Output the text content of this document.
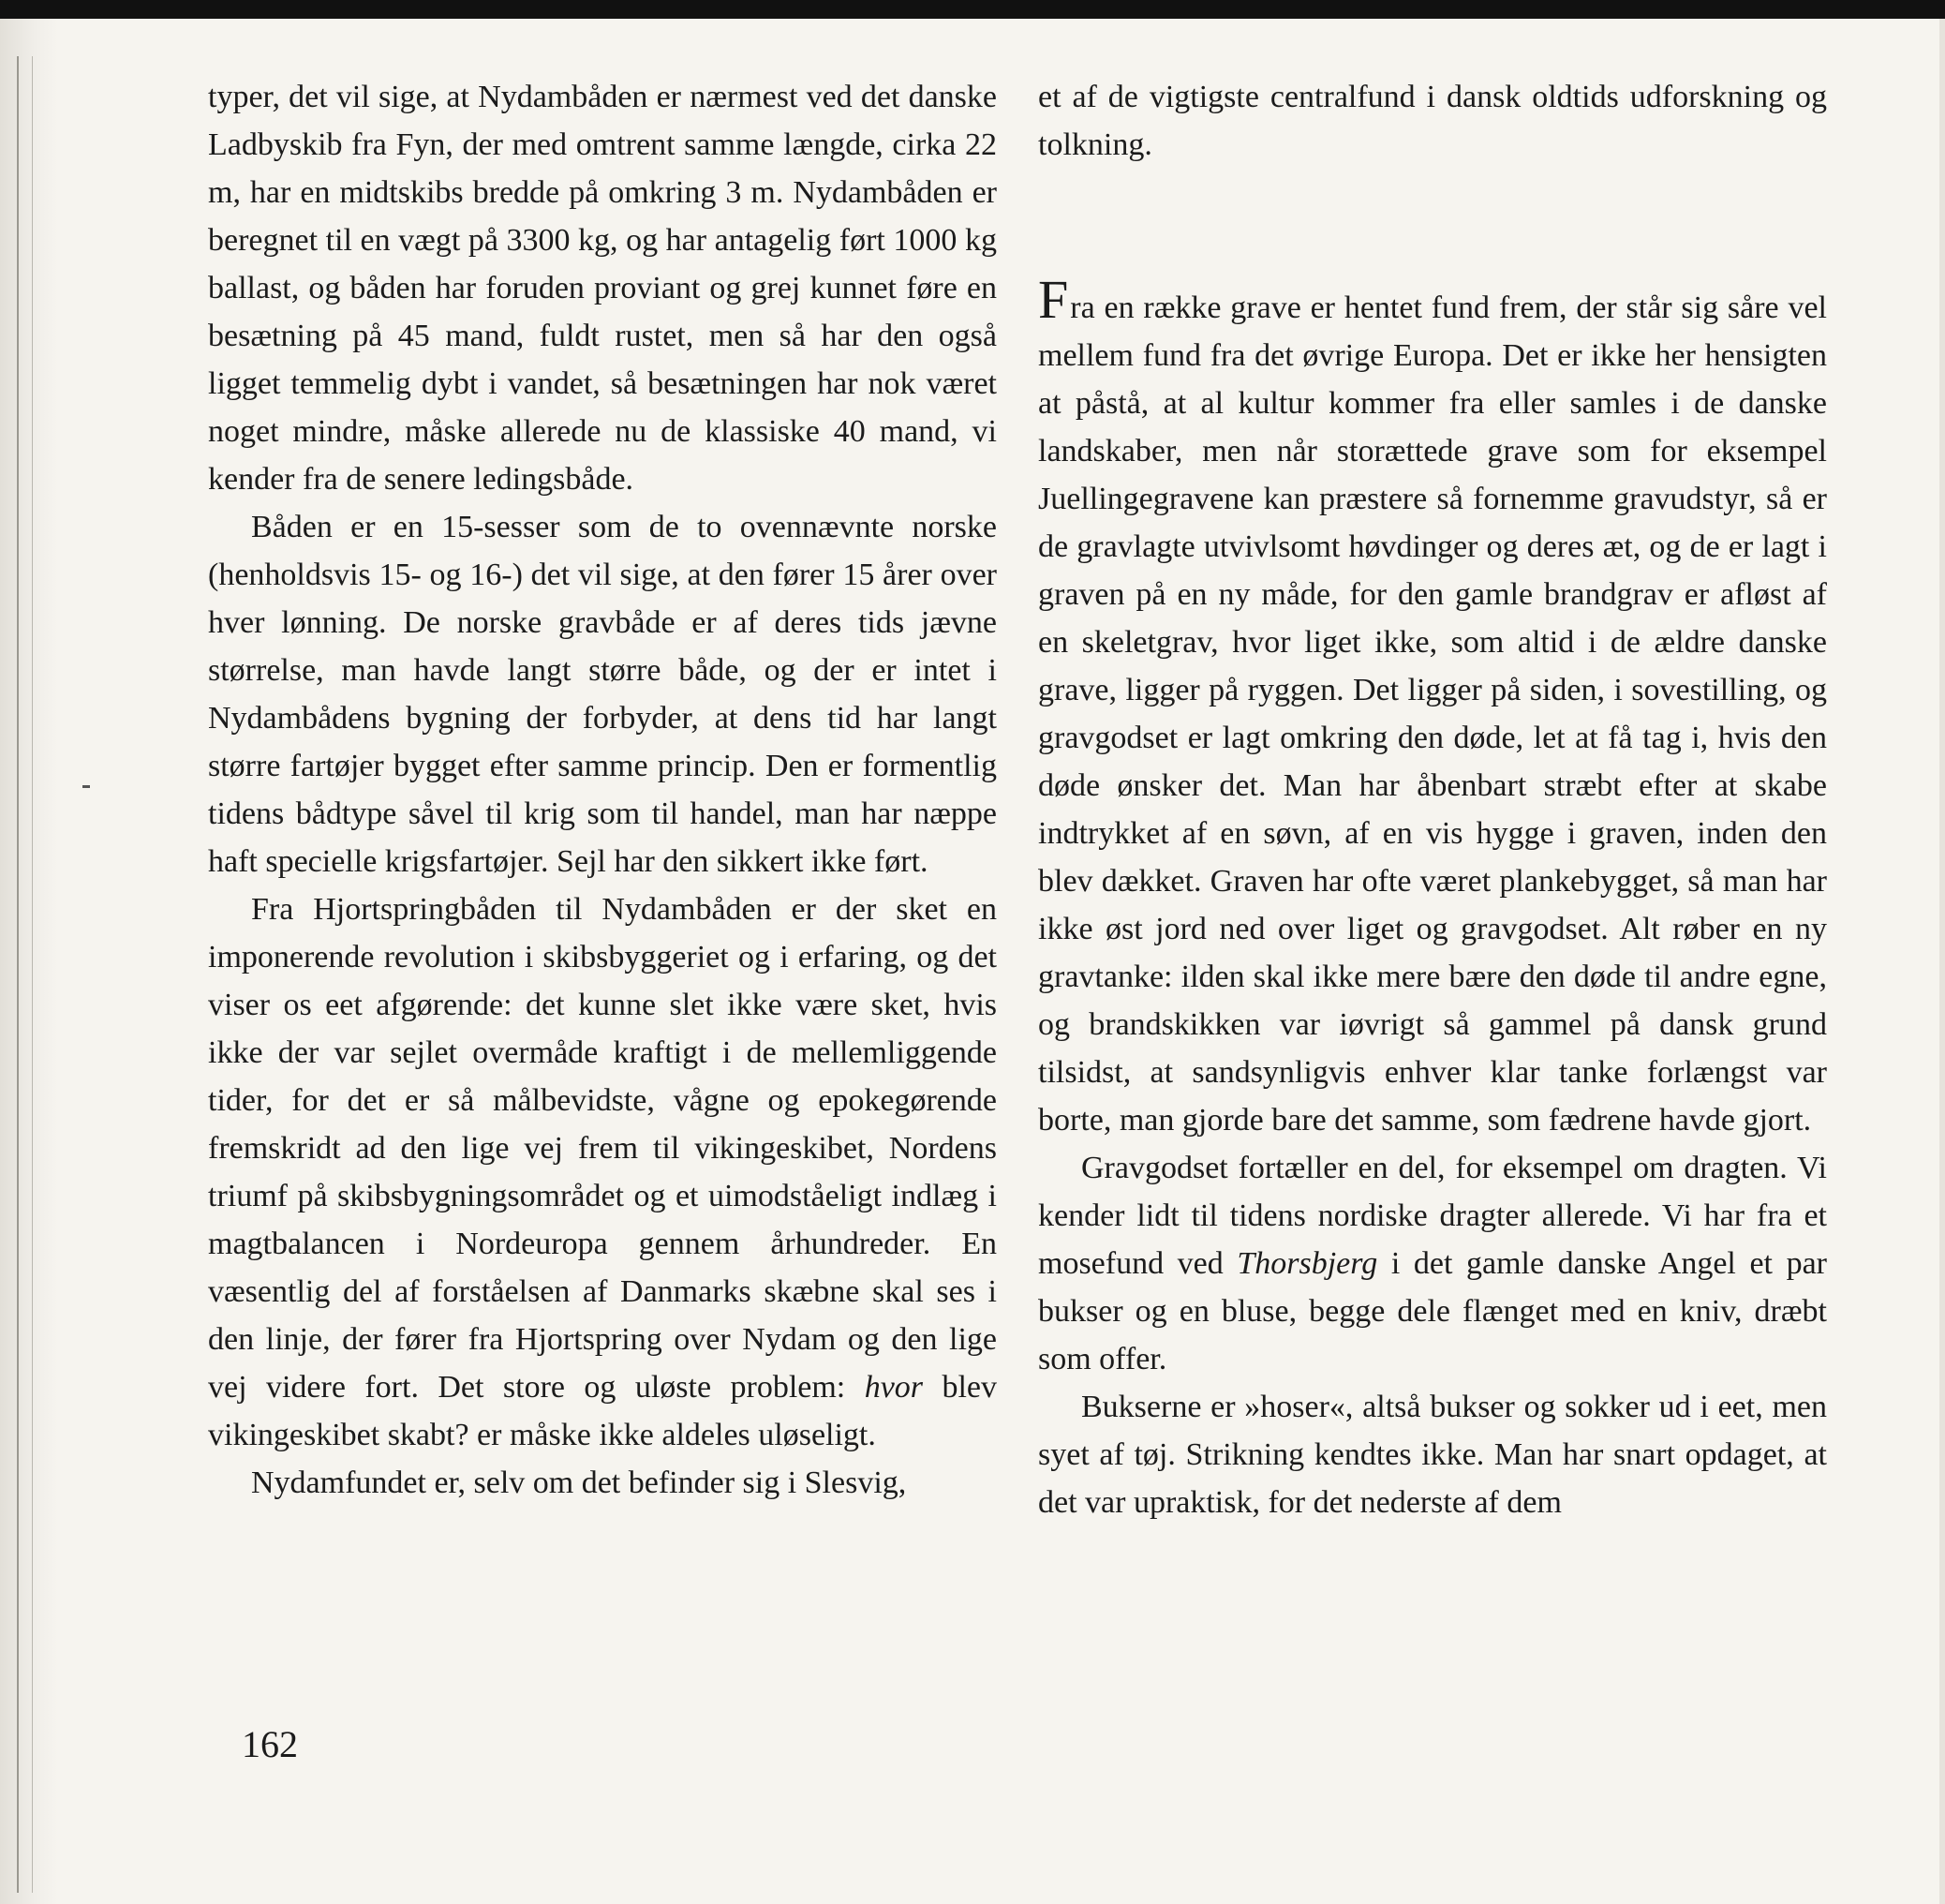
typer, det vil sige, at Nydambåden er nærmest ved det danske Ladbyskib fra Fyn, der med omtrent samme længde, cirka 22 m, har en midtskibs bredde på omkring 3 m. Nydambåden er beregnet til en vægt på 3300 kg, og har antagelig ført 1000 kg ballast, og båden har foruden proviant og grej kunnet føre en besætning på 45 mand, fuldt rustet, men så har den også ligget temmelig dybt i vandet, så besætningen har nok været noget mindre, måske allerede nu de klassiske 40 mand, vi kender fra de senere ledingsbåde.

Båden er en 15-sesser som de to ovennævnte norske (henholdsvis 15- og 16-) det vil sige, at den fører 15 årer over hver lønning. De norske gravbåde er af deres tids jævne størrelse, man havde langt større både, og der er intet i Nydambådens bygning der forbyder, at dens tid har langt større fartøjer bygget efter samme princip. Den er formentlig tidens bådtype såvel til krig som til handel, man har næppe haft specielle krigsfartøjer. Sejl har den sikkert ikke ført.

Fra Hjortspringbåden til Nydambåden er der sket en imponerende revolution i skibsbyggeriet og i erfaring, og det viser os eet afgørende: det kunne slet ikke være sket, hvis ikke der var sejlet overmåde kraftigt i de mellemliggende tider, for det er så målbevidste, vågne og epokegørende fremskridt ad den lige vej frem til vikingeskibet, Nordens triumf på skibsbygningsområdet og et uimodståeligt indlæg i magtbalancen i Nordeuropa gennem århundreder. En væsentlig del af forståelsen af Danmarks skæbne skal ses i den linje, der fører fra Hjortspring over Nydam og den lige vej videre fort. Det store og uløste problem: hvor blev vikingeskibet skabt? er måske ikke aldeles uløseligt.

Nydamfundet er, selv om det befinder sig i Slesvig,

et af de vigtigste centralfund i dansk oldtids udforskning og tolkning.

Fra en række grave er hentet fund frem, der står sig såre vel mellem fund fra det øvrige Europa. Det er ikke her hensigten at påstå, at al kultur kommer fra eller samles i de danske landskaber, men når storættede grave som for eksempel Juellingegravene kan præstere så fornemme gravudstyr, så er de gravlagte utvivlsomt høvdinger og deres æt, og de er lagt i graven på en ny måde, for den gamle brandgrav er afløst af en skeletgrav, hvor liget ikke, som altid i de ældre danske grave, ligger på ryggen. Det ligger på siden, i sovestilling, og gravgodset er lagt omkring den døde, let at få tag i, hvis den døde ønsker det. Man har åbenbart stræbt efter at skabe indtrykket af en søvn, af en vis hygge i graven, inden den blev dækket. Graven har ofte været plankebygget, så man har ikke øst jord ned over liget og gravgodset. Alt røber en ny gravtanke: ilden skal ikke mere bære den døde til andre egne, og brandskikken var iøvrigt så gammel på dansk grund tilsidst, at sandsynligvis enhver klar tanke forlængst var borte, man gjorde bare det samme, som fædrene havde gjort.

Gravgodset fortæller en del, for eksempel om dragten. Vi kender lidt til tidens nordiske dragter allerede. Vi har fra et mosefund ved Thorsbjerg i det gamle danske Angel et par bukser og en bluse, begge dele flænget med en kniv, dræbt som offer.

Bukserne er »hoser«, altså bukser og sokker ud i eet, men syet af tøj. Strikning kendtes ikke. Man har snart opdaget, at det var upraktisk, for det nederste af dem

162
